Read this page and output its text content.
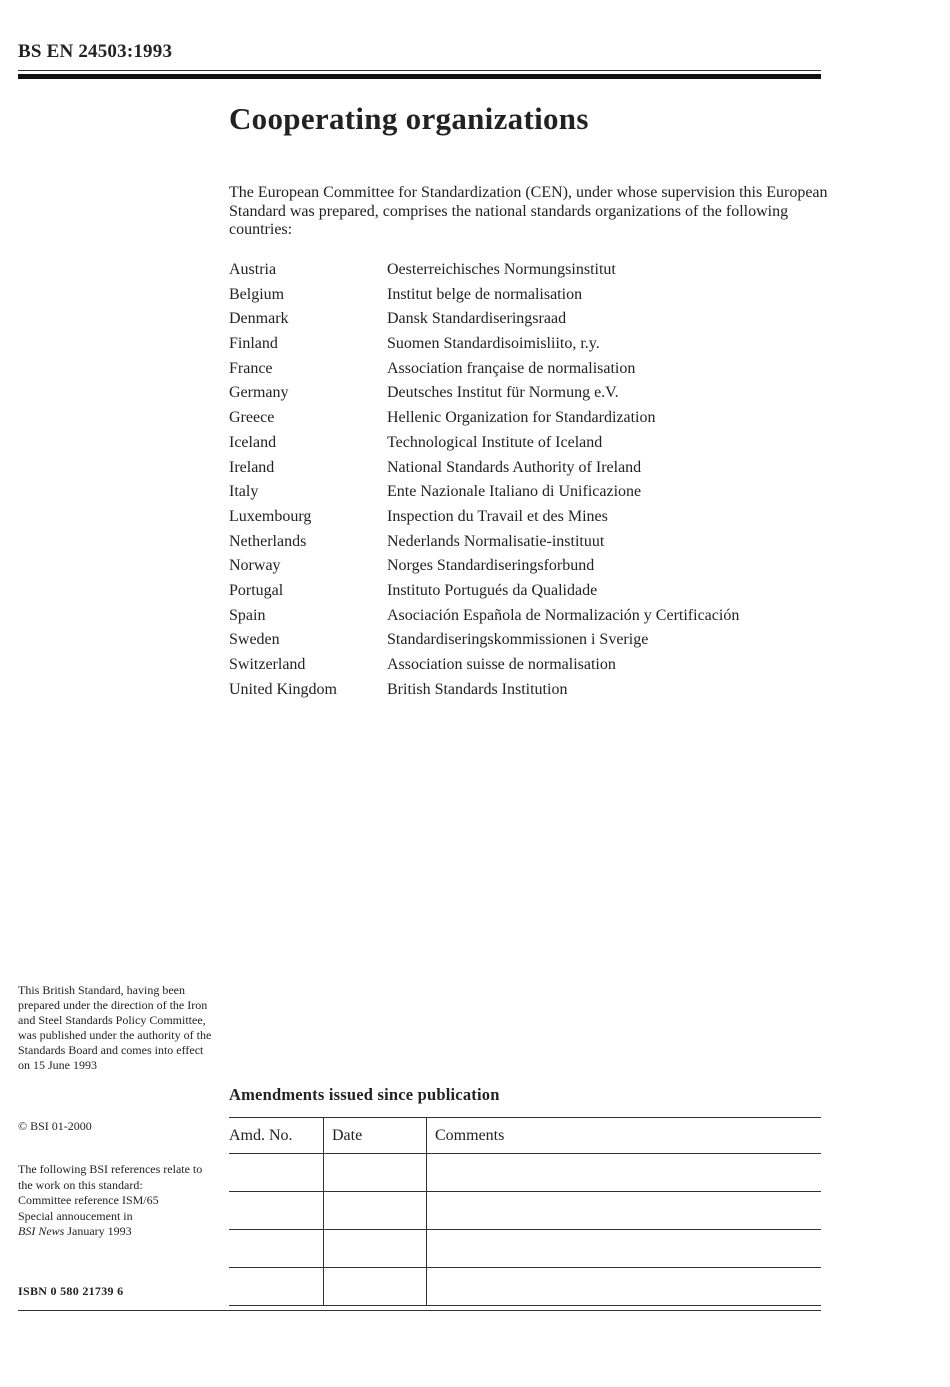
BS EN 24503:1993
Cooperating organizations

The European Committee for Standardization (CEN), under whose supervision this European Standard was prepared, comprises the national standards organizations of the following countries:

Austria	Oesterreichisches Normungsinstitut
Belgium	Institut belge de normalisation
Denmark	Dansk Standardiseringsraad
Finland	Suomen Standardisoimisliito, r.y.
France	Association française de normalisation
Germany	Deutsches Institut für Normung e.V.
Greece	Hellenic Organization for Standardization
Iceland	Technological Institute of Iceland
Ireland	National Standards Authority of Ireland
Italy	Ente Nazionale Italiano di Unificazione
Luxembourg	Inspection du Travail et des Mines
Netherlands	Nederlands Normalisatie-instituut
Norway	Norges Standardiseringsforbund
Portugal	Instituto Portugués da Qualidade
Spain	Asociación Española de Normalización y Certificación
Sweden	Standardiseringskommissionen i Sverige
Switzerland	Association suisse de normalisation
United Kingdom	British Standards Institution

This British Standard, having been prepared under the direction of the Iron and Steel Standards Policy Committee, was published under the authority of the Standards Board and comes into effect on 15 June 1993

© BSI 01-2000

The following BSI references relate to the work on this standard:
Committee reference ISM/65
Special annoucement in
BSI News January 1993

ISBN 0 580 21739 6

Amendments issued since publication
Amd. No.	Date	Comments
